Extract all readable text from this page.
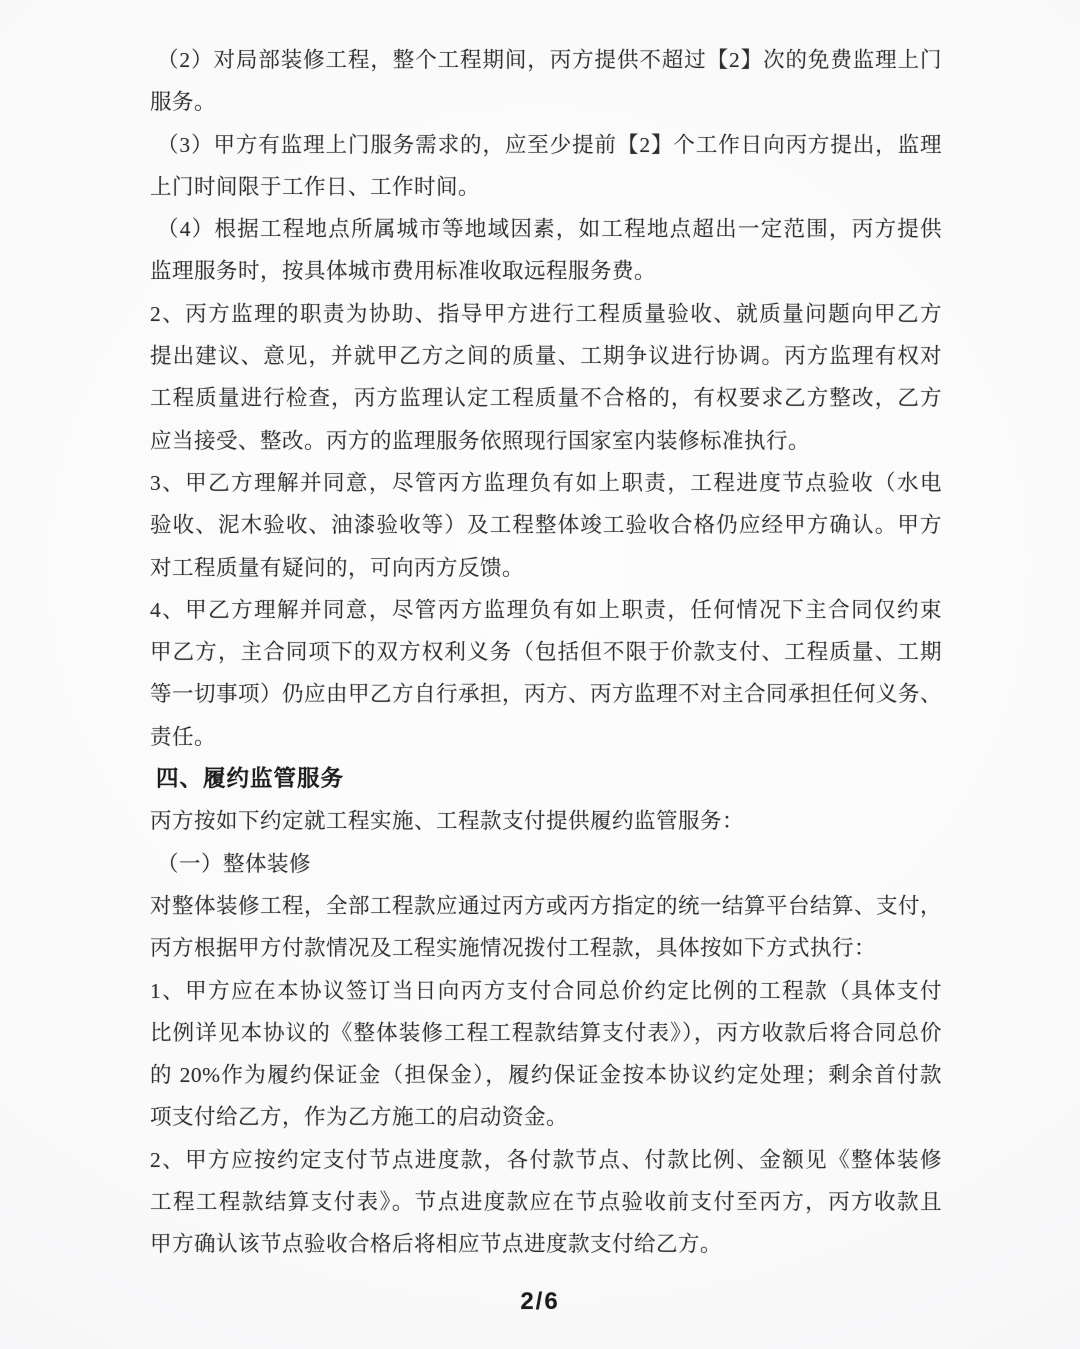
（2）对局部装修工程，整个工程期间，丙方提供不超过【2】次的免费监理上门
服务。
（3）甲方有监理上门服务需求的，应至少提前【2】个工作日向丙方提出，监理
上门时间限于工作日、工作时间。
（4）根据工程地点所属城市等地域因素，如工程地点超出一定范围，丙方提供
监理服务时，按具体城市费用标准收取远程服务费。
2、丙方监理的职责为协助、指导甲方进行工程质量验收、就质量问题向甲乙方
提出建议、意见，并就甲乙方之间的质量、工期争议进行协调。丙方监理有权对
工程质量进行检查，丙方监理认定工程质量不合格的，有权要求乙方整改，乙方
应当接受、整改。丙方的监理服务依照现行国家室内装修标准执行。
3、甲乙方理解并同意，尽管丙方监理负有如上职责，工程进度节点验收（水电
验收、泥木验收、油漆验收等）及工程整体竣工验收合格仍应经甲方确认。甲方
对工程质量有疑问的，可向丙方反馈。
4、甲乙方理解并同意，尽管丙方监理负有如上职责，任何情况下主合同仅约束
甲乙方，主合同项下的双方权利义务（包括但不限于价款支付、工程质量、工期
等一切事项）仍应由甲乙方自行承担，丙方、丙方监理不对主合同承担任何义务、
责任。
四、履约监管服务
丙方按如下约定就工程实施、工程款支付提供履约监管服务：
（一）整体装修
对整体装修工程，全部工程款应通过丙方或丙方指定的统一结算平台结算、支付，
丙方根据甲方付款情况及工程实施情况拨付工程款，具体按如下方式执行：
1、甲方应在本协议签订当日向丙方支付合同总价约定比例的工程款（具体支付
比例详见本协议的《整体装修工程工程款结算支付表》），丙方收款后将合同总价
的 20%作为履约保证金（担保金），履约保证金按本协议约定处理；剩余首付款
项支付给乙方，作为乙方施工的启动资金。
2、甲方应按约定支付节点进度款，各付款节点、付款比例、金额见《整体装修
工程工程款结算支付表》。节点进度款应在节点验收前支付至丙方，丙方收款且
甲方确认该节点验收合格后将相应节点进度款支付给乙方。
2/6
